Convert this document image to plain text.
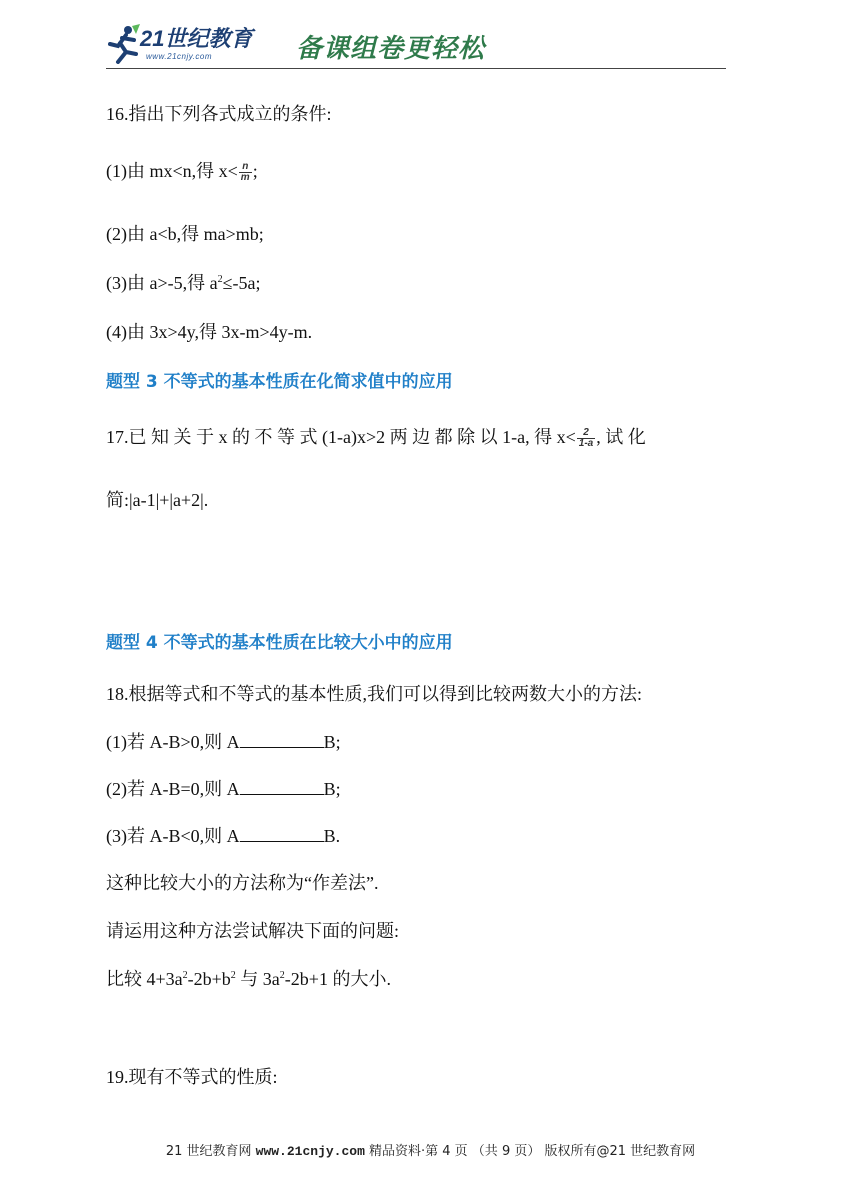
21世纪教育
www.21cnjy.com	备课组卷更轻松
16.指出下列各式成立的条件:
(1)由 mx<n,得 $x< \frac{n}{m}$ ;
(2)由 a<b,得 ma>mb;
(3)由 a>-5,得 $a^2\le-5a$;
(4)由 3x>4y,得 3x-m>4y-m.
题型 3 不等式的基本性质在化简求值中的应用
17.已 知 关 于 x 的 不 等 式 (1-a)x>2 两 边 都 除 以 1-a, 得 $x< \frac{2}{1-a}$ , 试 化
简:|a-1|+|a+2|.
题型 4 不等式的基本性质在比较大小中的应用
18.根据等式和不等式的基本性质,我们可以得到比较两数大小的方法:
(1)若 A-B>0,则 A	B;
(2)若 A-B=0,则 A	B;
(3)若 A-B<0,则 A	B.
这种比较大小的方法称为“作差法”.
请运用这种方法尝试解决下面的问题:
比较 $4+3a^2-2b+b^2$ 与 $3a^2-2b+1$ 的大小.
19.现有不等式的性质:
21 世纪教育网 www.21cnjy.com 精品资料·第 4 页 （共 9 页） 版权所有@21 世纪教育网
